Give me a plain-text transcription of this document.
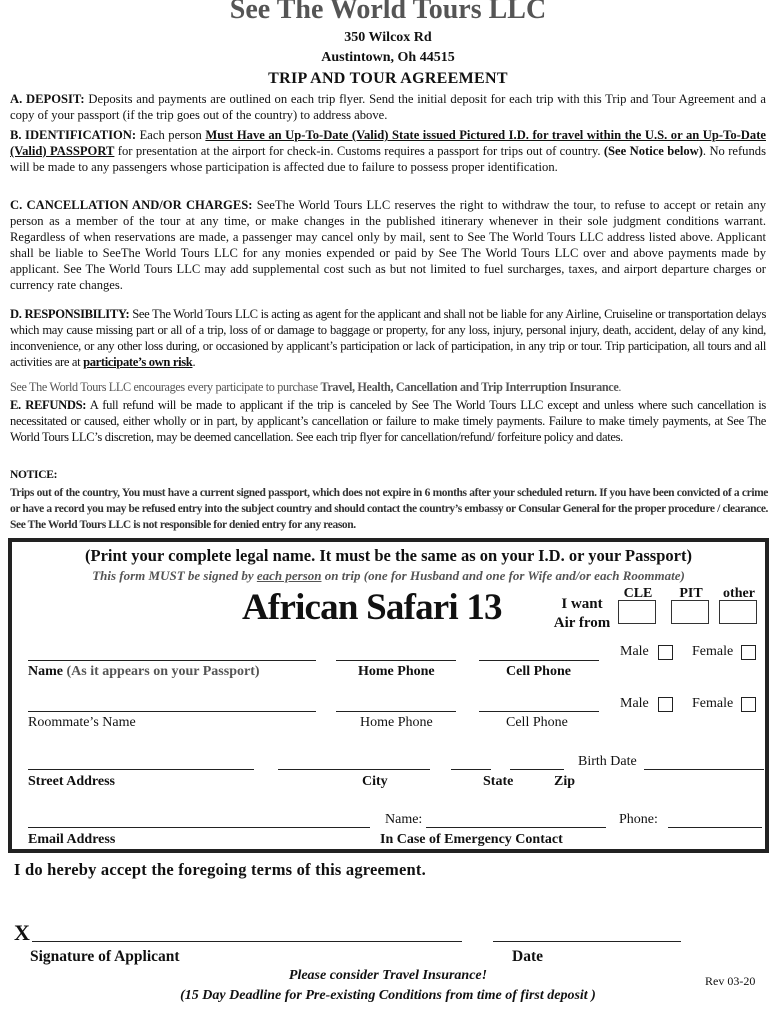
See The World Tours LLC
350 Wilcox Rd
Austintown, Oh 44515
TRIP AND TOUR AGREEMENT
A. DEPOSIT: Deposits and payments are outlined on each trip flyer. Send the initial deposit for each trip with this Trip and Tour Agreement and a copy of your passport (if the trip goes out of the country) to address above.
B. IDENTIFICATION: Each person Must Have an Up-To-Date (Valid) State issued Pictured I.D. for travel within the U.S. or an Up-To-Date (Valid) PASSPORT for presentation at the airport for check-in. Customs requires a passport for trips out of country. (See Notice below). No refunds will be made to any passengers whose participation is affected due to failure to possess proper identification.
C. CANCELLATION AND/OR CHARGES: SeeThe World Tours LLC reserves the right to withdraw the tour, to refuse to accept or retain any person as a member of the tour at any time, or make changes in the published itinerary whenever in their sole judgment conditions warrant. Regardless of when reservations are made, a passenger may cancel only by mail, sent to See The World Tours LLC address listed above. Applicant shall be liable to SeeThe World Tours LLC for any monies expended or paid by See The World Tours LLC over and above payments made by applicant. See The World Tours LLC may add supplemental cost such as but not limited to fuel surcharges, taxes, and airport departure charges or currency rate changes.
D. RESPONSIBILITY: See The World Tours LLC is acting as agent for the applicant and shall not be liable for any Airline, Cruiseline or transportation delays which may cause missing part or all of a trip, loss of or damage to baggage or property, for any loss, injury, personal injury, death, accident, delay of any kind, inconvenience, or any other loss during, or occasioned by applicant’s participation or lack of participation, in any trip or tour. Trip participation, all tours and all activities are at participate’s own risk.
See The World Tours LLC encourages every participate to purchase Travel, Health, Cancellation and Trip Interruption Insurance.
E. REFUNDS: A full refund will be made to applicant if the trip is canceled by See The World Tours LLC except and unless where such cancellation is necessitated or caused, either wholly or in part, by applicant’s cancellation or failure to make timely payments. Failure to make timely payments, at See The World Tours LLC’s discretion, may be deemed cancellation. See each trip flyer for cancellation/refund/ forfeiture policy and dates.
NOTICE:
Trips out of the country, You must have a current signed passport, which does not expire in 6 months after your scheduled return. If you have been convicted of a crime or have a record you may be refused entry into the subject country and should contact the country’s embassy or Consular General for the proper procedure / clearance. See The World Tours LLC is not responsible for denied entry for any reason.
(Print your complete legal name. It must be the same as on your I.D. or your Passport)
This form MUST be signed by each person on trip (one for Husband and one for Wife and/or each Roommate)
African Safari 13	I want
Air from
CLE	PIT	other
Male	Female
Name (As it appears on your Passport)	Home Phone	Cell Phone
Male	Female
Roommate’s Name	Home Phone	Cell Phone
Birth Date
Street Address	City	State	Zip
Name:	Phone:
Email Address	In Case of Emergency Contact
I do hereby accept the foregoing terms of this agreement.
X
Signature of Applicant	Date
Please consider Travel Insurance!
(15 Day Deadline for Pre-existing Conditions from time of first deposit )
Rev 03-20
